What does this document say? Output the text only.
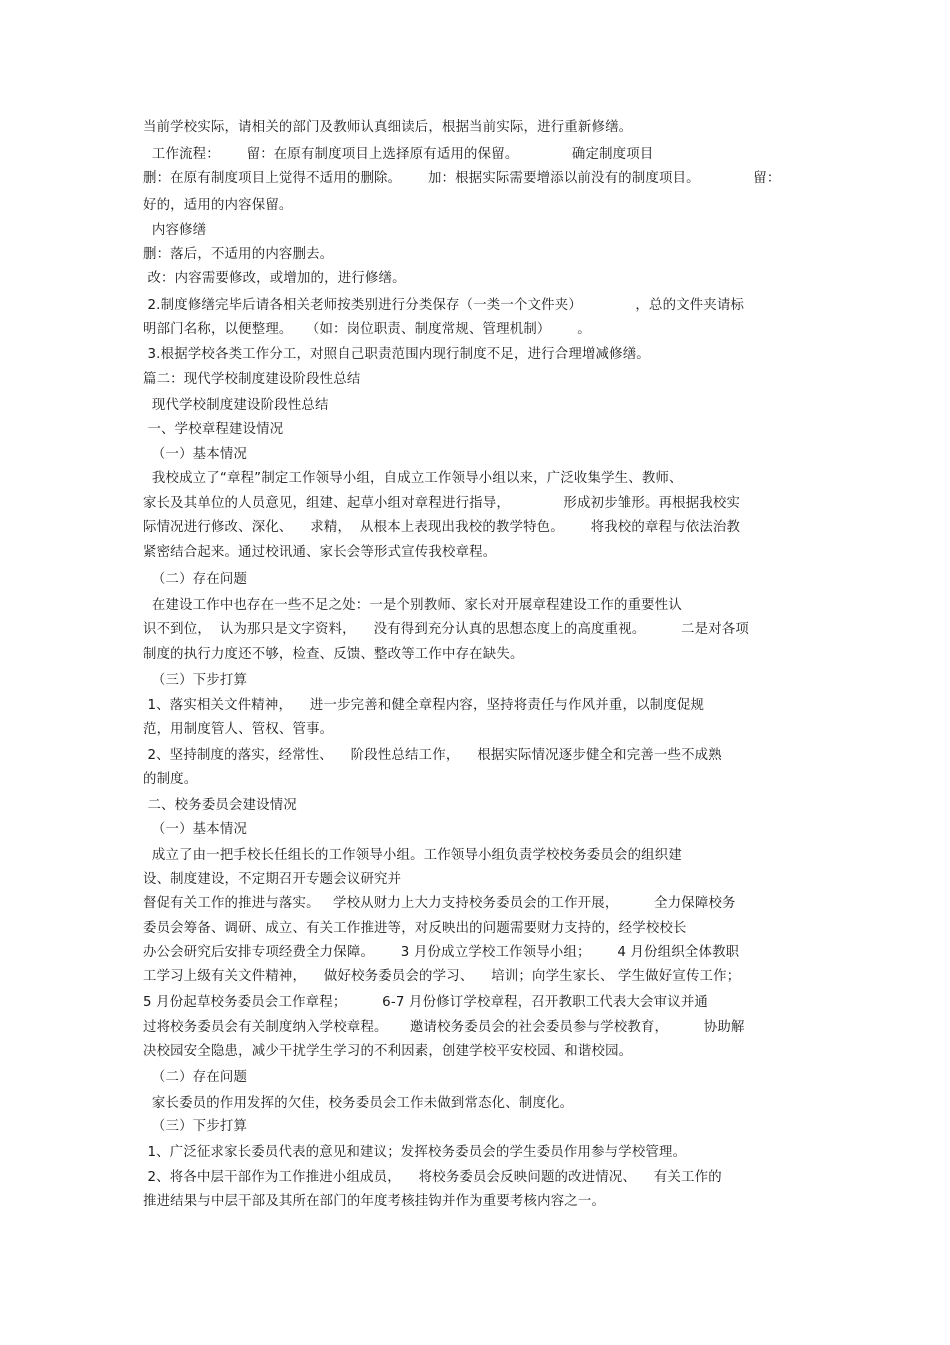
当前学校实际，请相关的部门及教师认真细读后，根据当前实际，进行重新修缮。

工作流程：      留：在原有制度项目上选择原有适用的保留。            确定制度项目

删：在原有制度项目上觉得不适用的删除。      加：根据实际需要增添以前没有的制度项目。            留：

好的，适用的内容保留。

内容修缮

删：落后，不适用的内容删去。

改：内容需要修改，或增加的，进行修缮。

2.制度修缮完毕后请各相关老师按类别进行分类保存（一类一个文件夹）            ，总的文件夹请标

明部门名称，以便整理。   （如：岗位职责、制度常规、管理机制）      。

3.根据学校各类工作分工，对照自己职责范围内现行制度不足，进行合理增减修缮。

篇二：现代学校制度建设阶段性总结

现代学校制度建设阶段性总结

一、学校章程建设情况

（一）基本情况

我校成立了“章程”制定工作领导小组，自成立工作领导小组以来，广泛收集学生、教师、

家长及其单位的人员意见，组建、起草小组对章程进行指导，            形成初步雏形。再根据我校实

际情况进行修改、深化、    求精，  从根本上表现出我校的教学特色。      将我校的章程与依法治教

紧密结合起来。通过校讯通、家长会等形式宣传我校章程。

（二）存在问题

在建设工作中也存在一些不足之处：一是个别教师、家长对开展章程建设工作的重要性认

识不到位，  认为那只是文字资料，    没有得到充分认真的思想态度上的高度重视。        二是对各项

制度的执行力度还不够，检查、反馈、整改等工作中存在缺失。

（三）下步打算

1、落实相关文件精神，    进一步完善和健全章程内容，坚持将责任与作风并重，以制度促规

范，用制度管人、管权、管事。

2、坚持制度的落实，经常性、    阶段性总结工作，    根据实际情况逐步健全和完善一些不成熟

的制度。

二、校务委员会建设情况

（一）基本情况

成立了由一把手校长任组长的工作领导小组。工作领导小组负责学校校务委员会的组织建

设、制度建设，不定期召开专题会议研究并

督促有关工作的推进与落实。   学校从财力上大力支持校务委员会的工作开展，        全力保障校务

委员会筹备、调研、成立、有关工作推进等，对反映出的问题需要财力支持的，经学校校长

办公会研究后安排专项经费全力保障。      3 月份成立学校工作领导小组；      4 月份组织全体教职

工学习上级有关文件精神，    做好校务委员会的学习、    培训；向学生家长、 学生做好宣传工作；

5 月份起草校务委员会工作章程；        6-7 月份修订学校章程，召开教职工代表大会审议并通

过将校务委员会有关制度纳入学校章程。     邀请校务委员会的社会委员参与学校教育，        协助解

决校园安全隐患，减少干扰学生学习的不利因素，创建学校平安校园、和谐校园。

（二）存在问题

家长委员的作用发挥的欠佳，校务委员会工作未做到常态化、制度化。

（三）下步打算

1、广泛征求家长委员代表的意见和建议；发挥校务委员会的学生委员作用参与学校管理。

2、将各中层干部作为工作推进小组成员，    将校务委员会反映问题的改进情况、    有关工作的

推进结果与中层干部及其所在部门的年度考核挂钩并作为重要考核内容之一。
